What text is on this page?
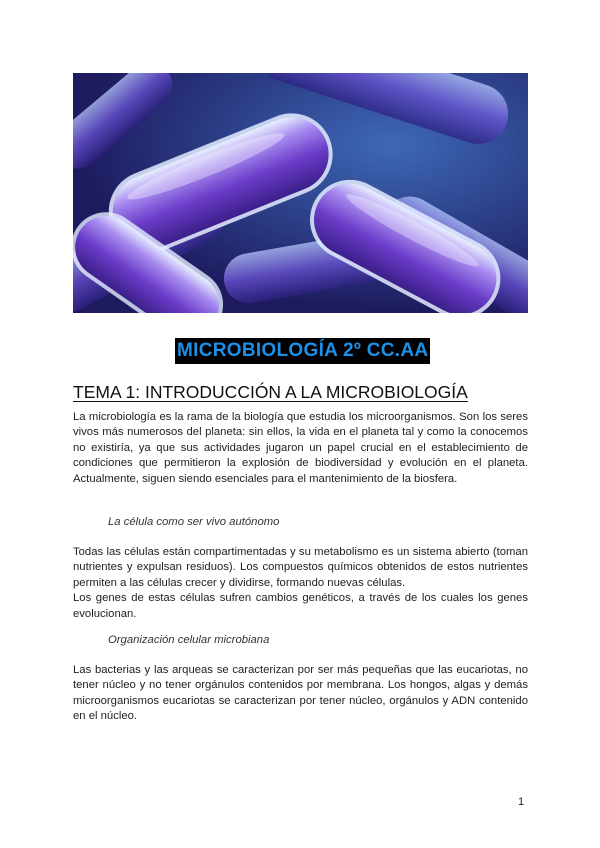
MICROBIOLOGÍA 2º CC.AA
TEMA 1: INTRODUCCIÓN A LA MICROBIOLOGÍA

La microbiología es la rama de la biología que estudia los microorganismos. Son los seres vivos más numerosos del planeta: sin ellos, la vida en el planeta tal y como la conocemos no existiría, ya que sus actividades jugaron un papel crucial en el establecimiento de condiciones que permitieron la explosión de biodiversidad y evolución en el planeta. Actualmente, siguen siendo esenciales para el mantenimiento de la biosfera.

La célula como ser vivo autónomo

Todas las células están compartimentadas y su metabolismo es un sistema abierto (toman nutrientes y expulsan residuos). Los compuestos químicos obtenidos de estos nutrientes permiten a las células crecer y dividirse, formando nuevas células.
Los genes de estas células sufren cambios genéticos, a través de los cuales los genes evolucionan.

Organización celular microbiana

Las bacterias y las arqueas se caracterizan por ser más pequeñas que las eucariotas, no tener núcleo y no tener orgánulos contenidos por membrana. Los hongos, algas y demás microorganismos eucariotas se caracterizan por tener núcleo, orgánulos y ADN contenido en el núcleo.

1
